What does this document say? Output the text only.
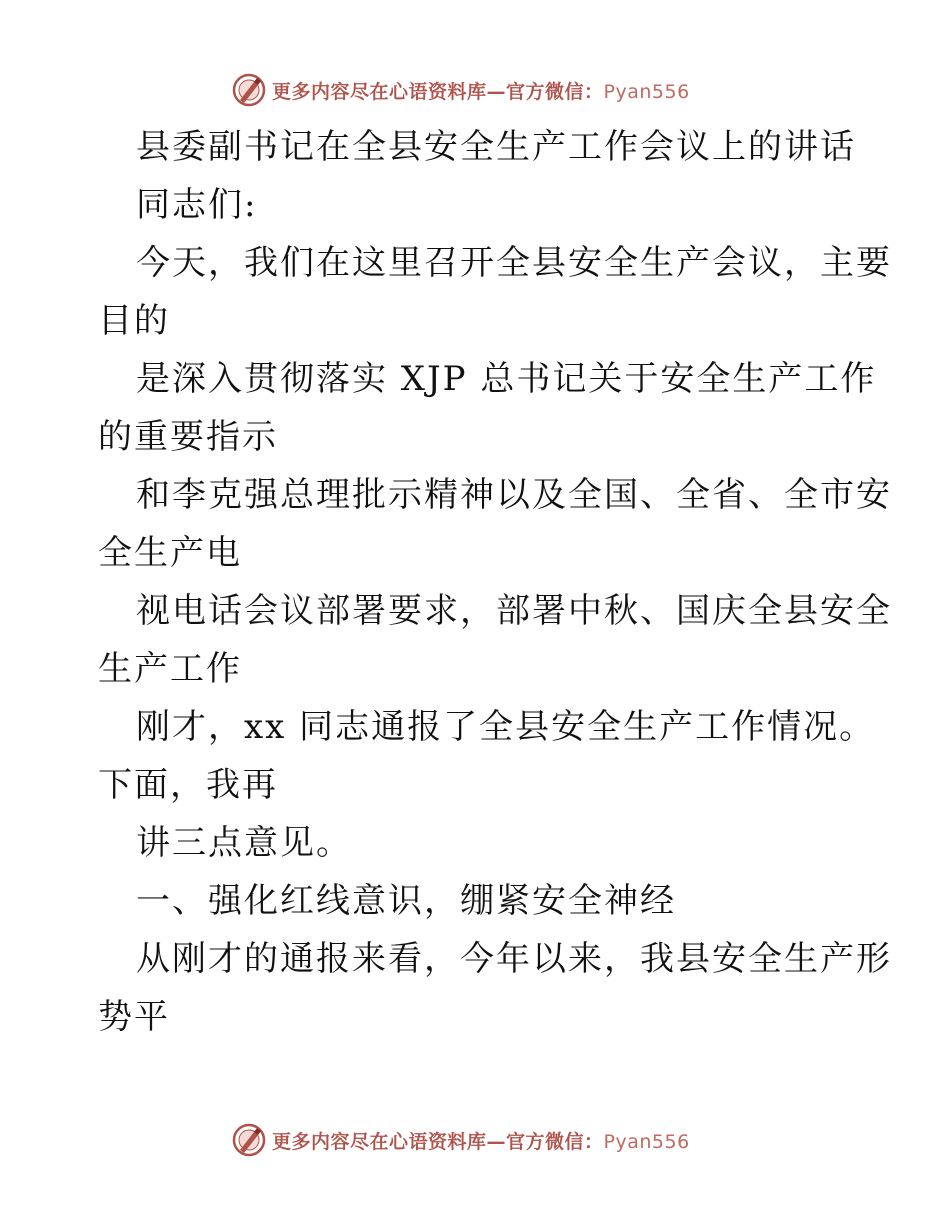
更多内容尽在心语资料库—官方微信：Pyan556
县委副书记在全县安全生产工作会议上的讲话
同志们:
今天，我们在这里召开全县安全生产会议，主要
目的
是深入贯彻落实 XJP 总书记关于安全生产工作
的重要指示
和李克强总理批示精神以及全国、全省、全市安
全生产电
视电话会议部署要求，部署中秋、国庆全县安全
生产工作
刚才，xx 同志通报了全县安全生产工作情况。
下面，我再
讲三点意见。
一、强化红线意识，绷紧安全神经
从刚才的通报来看，今年以来，我县安全生产形
势平
更多内容尽在心语资料库—官方微信：Pyan556
